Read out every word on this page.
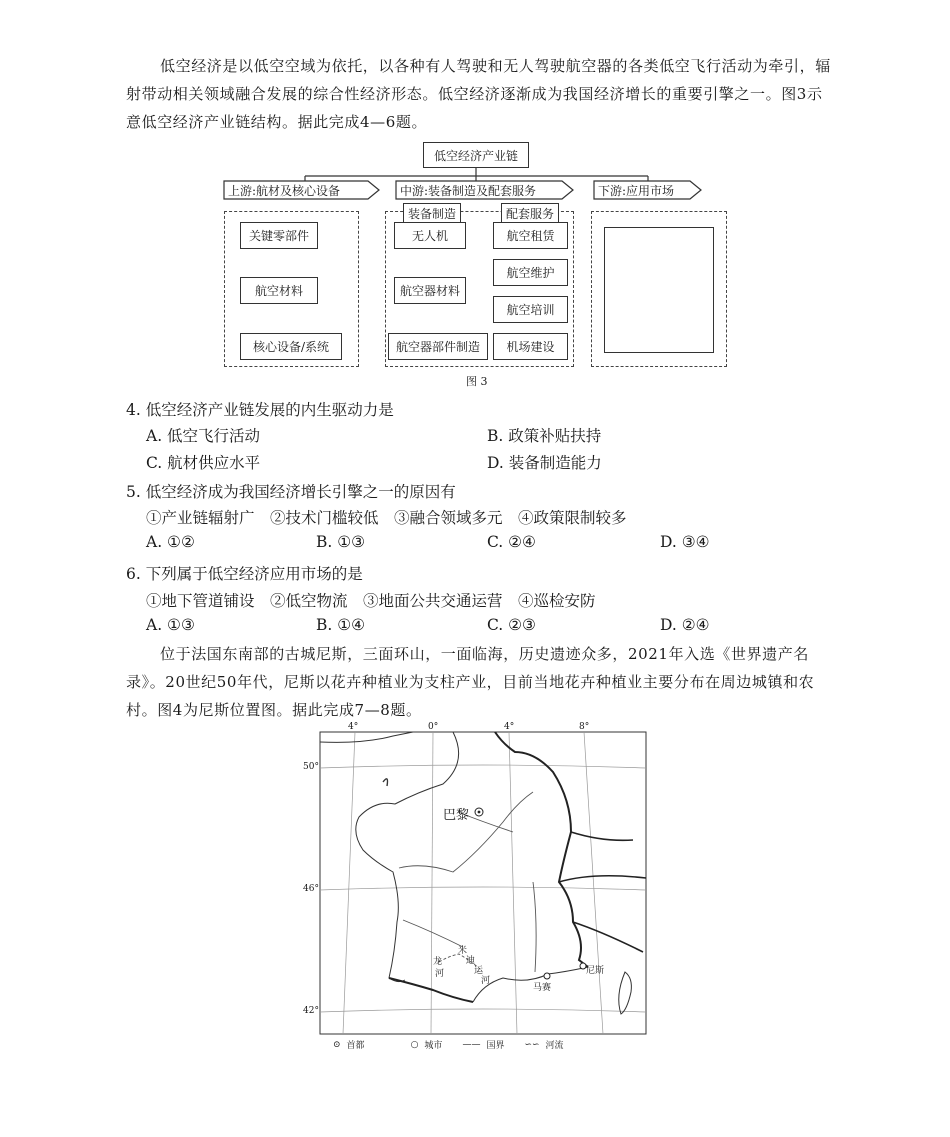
低空经济是以低空空域为依托，以各种有人驾驶和无人驾驶航空器的各类低空飞行活动为牵引，辐射带动相关领域融合发展的综合性经济形态。低空经济逐渐成为我国经济增长的重要引擎之一。图3示意低空经济产业链结构。据此完成4—6题。
低空经济产业链
上游:航材及核心设备	中游:装备制造及配套服务	下游:应用市场
关键零部件
航空材料
核心设备/系统
装备制造	配套服务
无人机
航空器材料
航空器部件制造
航空租赁
航空维护
航空培训
机场建设
图 3
4. 低空经济产业链发展的内生驱动力是
A. 低空飞行活动	B. 政策补贴扶持
C. 航材供应水平	D. 装备制造能力
5. 低空经济成为我国经济增长引擎之一的原因有
①产业链辐射广　②技术门槛较低　③融合领域多元　④政策限制较多
A. ①②	B. ①③	C. ②④	D. ③④
6. 下列属于低空经济应用市场的是
①地下管道铺设　②低空物流　③地面公共交通运营　④巡检安防
A. ①③	B. ①④	C. ②③	D. ②④
位于法国东南部的古城尼斯，三面环山，一面临海，历史遗迹众多，2021年入选《世界遗产名录》。20世纪50年代，尼斯以花卉种植业为支柱产业，目前当地花卉种植业主要分布在周边城镇和农村。图4为尼斯位置图。据此完成7—8题。
4°	0°	4°	8°
50°
46°
42°
巴黎
尼斯
马赛
米
迪
运
河
龙
河
⊙ 首都	○ 城市 —— 国界 ∽∽ 河流
